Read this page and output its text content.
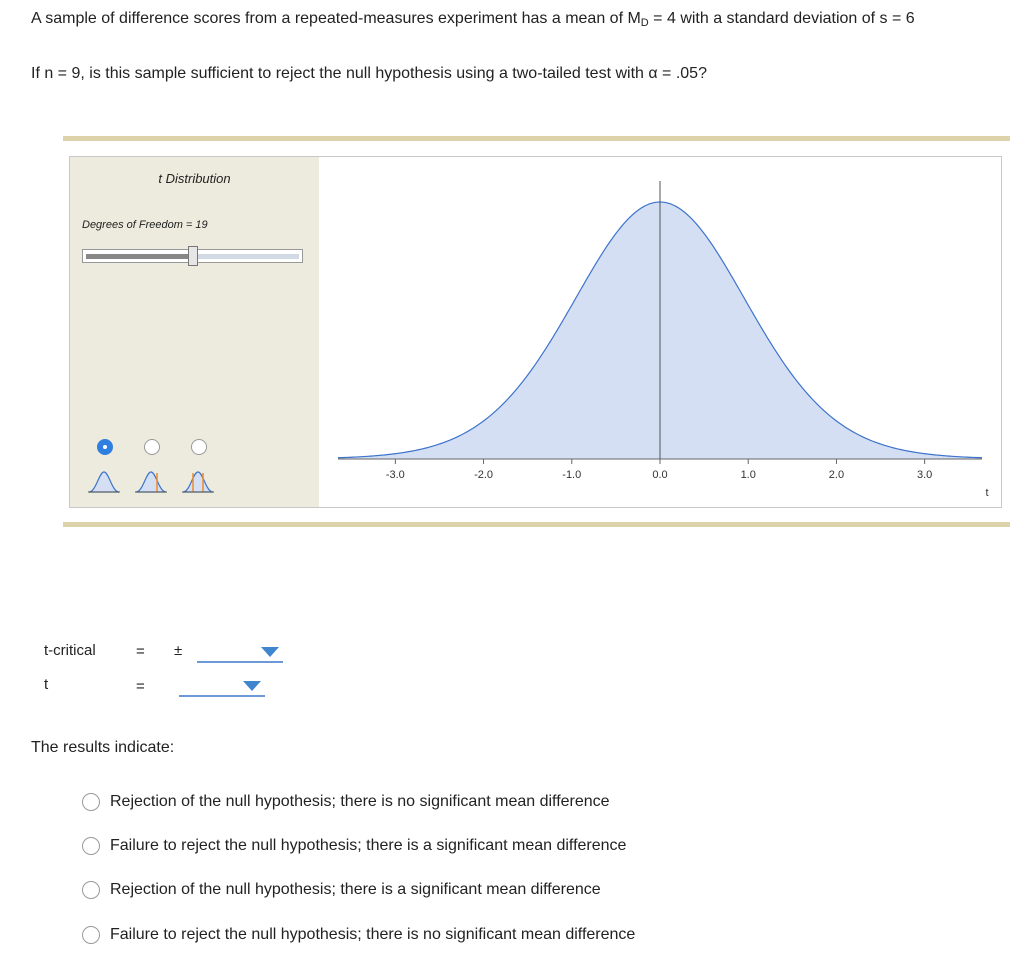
A sample of difference scores from a repeated-measures experiment has a mean of $M_D = 4$ with a standard deviation of s = 6
If n = 9, is this sample sufficient to reject the null hypothesis using a two-tailed test with α = .05?
t Distribution
Degrees of Freedom = 19
-3.0	-2.0	-1.0	0.0	1.0	2.0	3.0
t
t-critical	= ±
t	=
The results indicate:
Rejection of the null hypothesis; there is no significant mean difference
Failure to reject the null hypothesis; there is a significant mean difference
Rejection of the null hypothesis; there is a significant mean difference
Failure to reject the null hypothesis; there is no significant mean difference
